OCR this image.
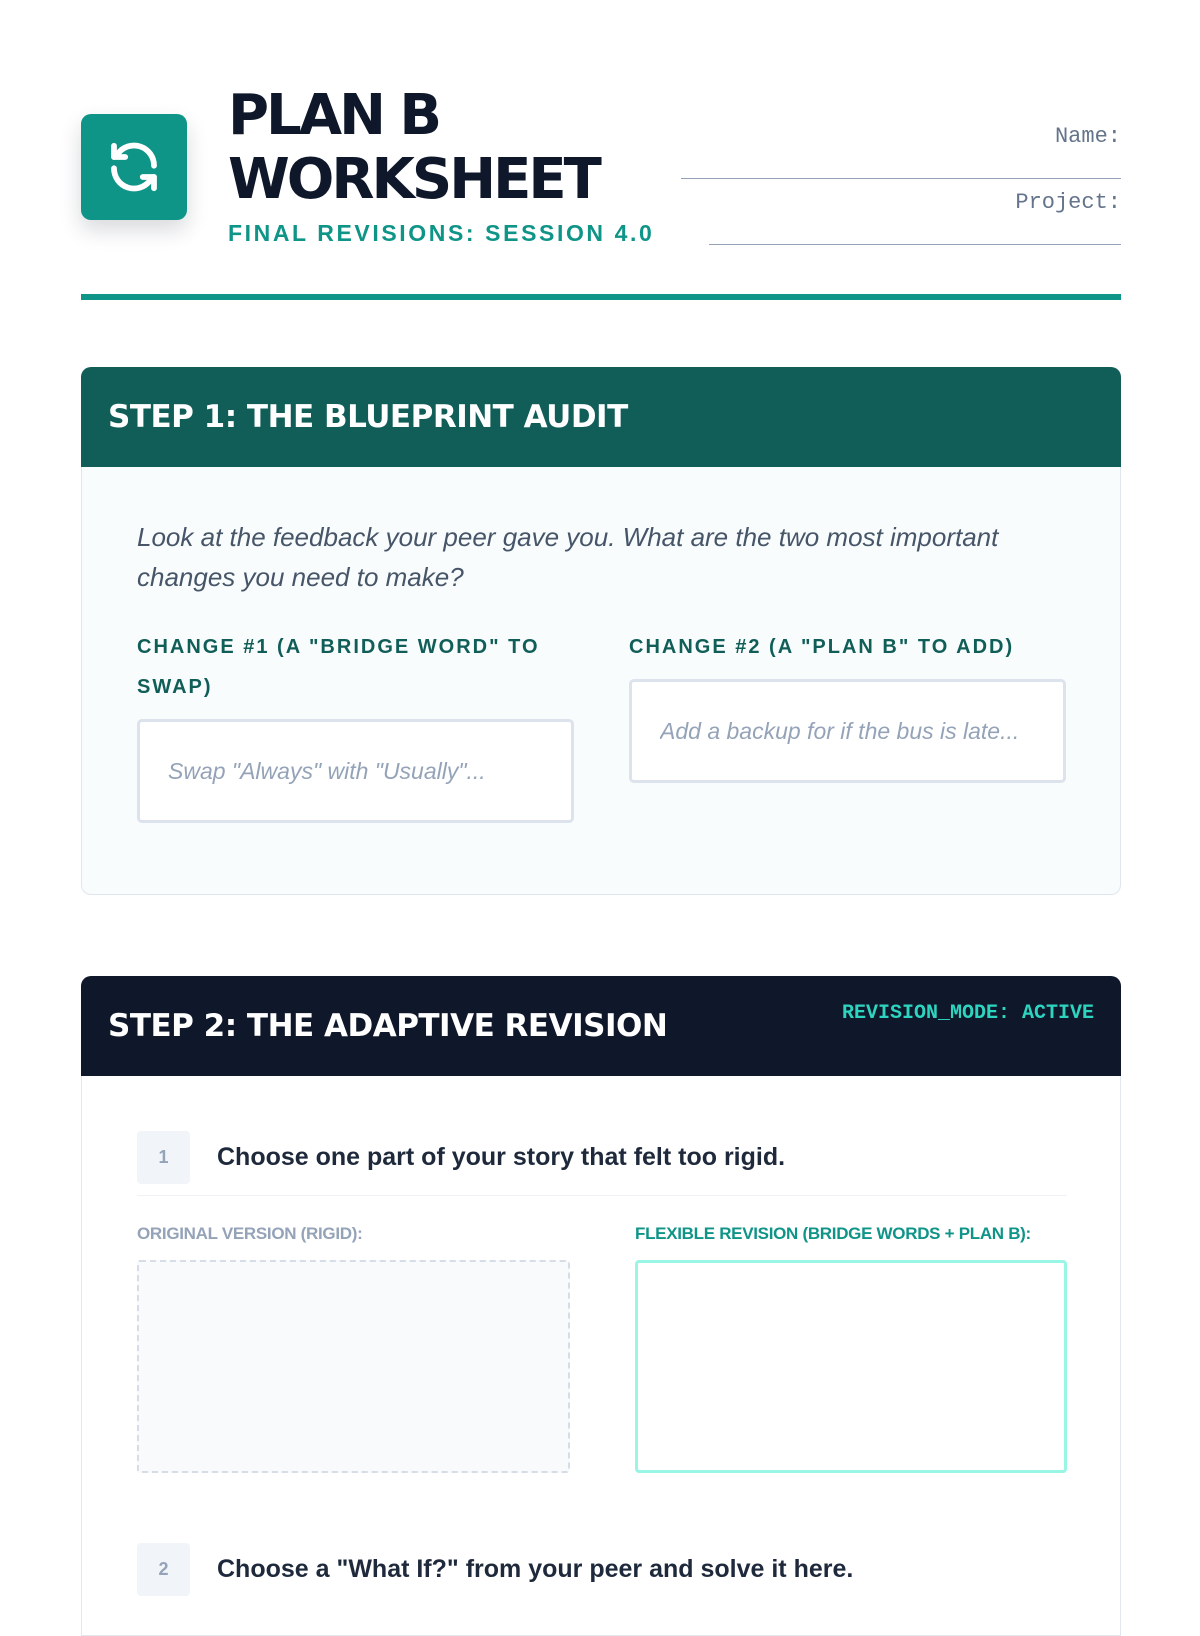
PLAN B
WORKSHEET
FINAL REVISIONS: SESSION 4.0
Name:
Project:
STEP 1: THE BLUEPRINT AUDIT

Look at the feedback your peer gave you. What are the two most important changes you need to make?

CHANGE #1 (A "BRIDGE WORD" TO SWAP)

Swap "Always" with "Usually"...

CHANGE #2 (A "PLAN B" TO ADD)

Add a backup for if the bus is late...
STEP 2: THE ADAPTIVE REVISION	REVISION_MODE: ACTIVE
1	Choose one part of your story that felt too rigid.
ORIGINAL VERSION (RIGID):	FLEXIBLE REVISION (BRIDGE WORDS + PLAN B):
2	Choose a "What If?" from your peer and solve it here.
